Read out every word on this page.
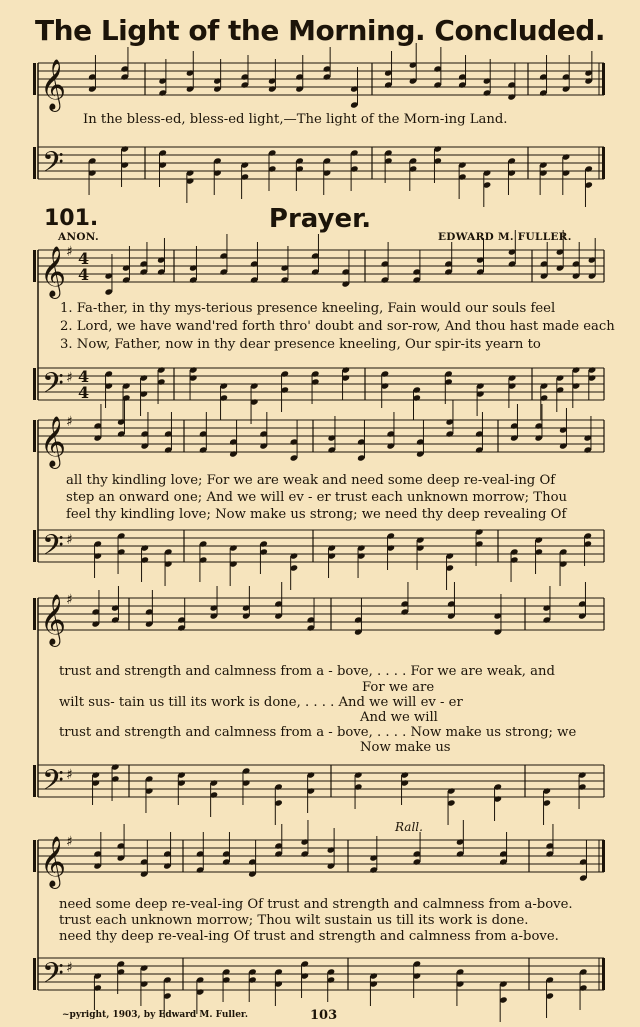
The Light of the Morning. Concluded.
In the bless-ed, bless-ed light,—The light of the Morn-ing Land.
101.	Prayer.
ANON.	EDWARD M. FULLER.
1. Fa-ther, in thy mys-terious presence kneeling, Fain would our souls feel
2. Lord, we have wand'red forth thro' doubt and sor-row, And thou hast made each
3. Now, Father, now in thy dear presence kneeling, Our spir-its yearn to
all thy kindling love; For we are weak and need some deep re-veal-ing Of
step an onward one; And we will ev - er trust each unknown morrow; Thou
feel thy kindling love; Now make us strong; we need thy deep revealing Of
trust and strength and calmness from a - bove, . . . . For we are weak, and
For we are
wilt sus- tain us till its work is done, . . . . And we will ev - er
And we will
trust and strength and calmness from a - bove, . . . . Now make us strong; we
Now make us
Rall.
need some deep re-veal-ing Of trust and strength and calmness from a-bove.
trust each unknown morrow; Thou wilt sustain us till its work is done.
need thy deep re-veal-ing Of trust and strength and calmness from a-bove.
~pyright, 1903, by Edward M. Fuller.	103
𝄞
𝄢
𝄞
𝄢
♯
♯
4
4
4
4
𝄞
𝄢
♯
♯
𝄞
𝄢
♯
♯
𝄞
𝄢
♯
♯
